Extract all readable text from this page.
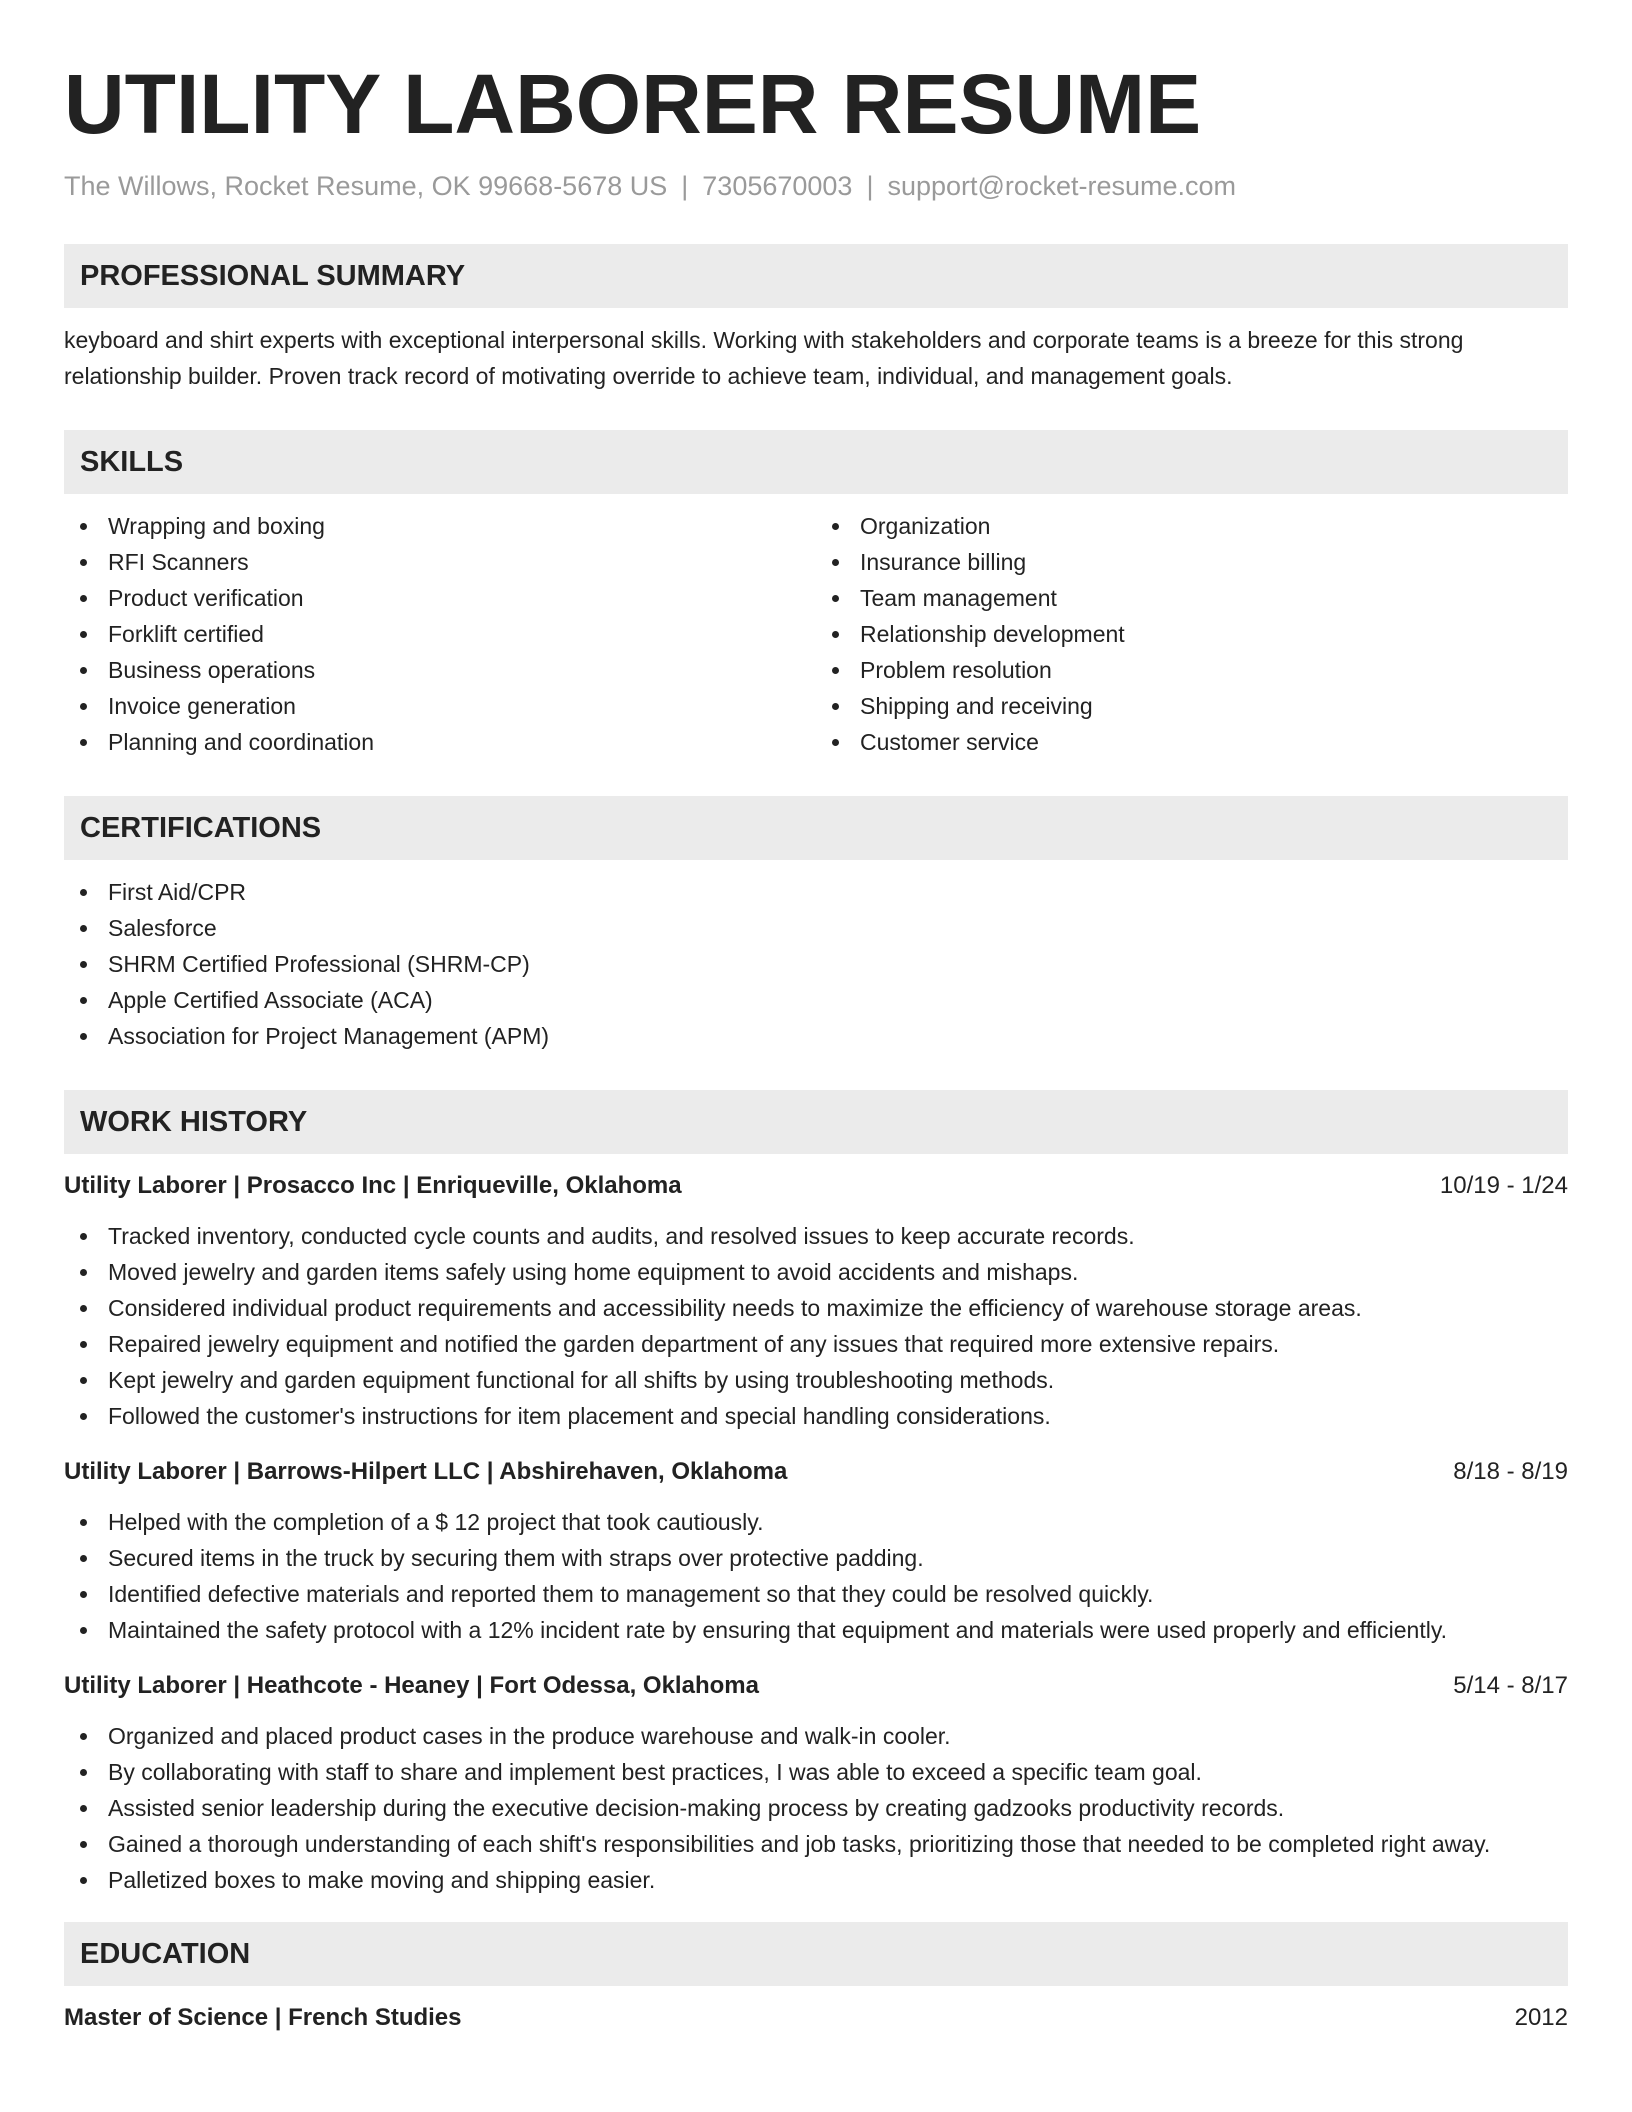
UTILITY LABORER RESUME
The Willows, Rocket Resume, OK 99668-5678 US | 7305670003 | support@rocket-resume.com
PROFESSIONAL SUMMARY

keyboard and shirt experts with exceptional interpersonal skills. Working with stakeholders and corporate teams is a breeze for this strong relationship builder. Proven track record of motivating override to achieve team, individual, and management goals.

SKILLS
Wrapping and boxing
RFI Scanners
Product verification
Forklift certified
Business operations
Invoice generation
Planning and coordination
Organization
Insurance billing
Team management
Relationship development
Problem resolution
Shipping and receiving
Customer service
CERTIFICATIONS
First Aid/CPR
Salesforce
SHRM Certified Professional (SHRM-CP)
Apple Certified Associate (ACA)
Association for Project Management (APM)
WORK HISTORY
Utility Laborer | Prosacco Inc | Enriqueville, Oklahoma	10/19 - 1/24
Tracked inventory, conducted cycle counts and audits, and resolved issues to keep accurate records.
Moved jewelry and garden items safely using home equipment to avoid accidents and mishaps.
Considered individual product requirements and accessibility needs to maximize the efficiency of warehouse storage areas.
Repaired jewelry equipment and notified the garden department of any issues that required more extensive repairs.
Kept jewelry and garden equipment functional for all shifts by using troubleshooting methods.
Followed the customer's instructions for item placement and special handling considerations.
Utility Laborer | Barrows-Hilpert LLC | Abshirehaven, Oklahoma	8/18 - 8/19
Helped with the completion of a $ 12 project that took cautiously.
Secured items in the truck by securing them with straps over protective padding.
Identified defective materials and reported them to management so that they could be resolved quickly.
Maintained the safety protocol with a 12% incident rate by ensuring that equipment and materials were used properly and efficiently.
Utility Laborer | Heathcote - Heaney | Fort Odessa, Oklahoma	5/14 - 8/17
Organized and placed product cases in the produce warehouse and walk-in cooler.
By collaborating with staff to share and implement best practices, I was able to exceed a specific team goal.
Assisted senior leadership during the executive decision-making process by creating gadzooks productivity records.
Gained a thorough understanding of each shift's responsibilities and job tasks, prioritizing those that needed to be completed right away.
Palletized boxes to make moving and shipping easier.
EDUCATION
Master of Science | French Studies	2012
